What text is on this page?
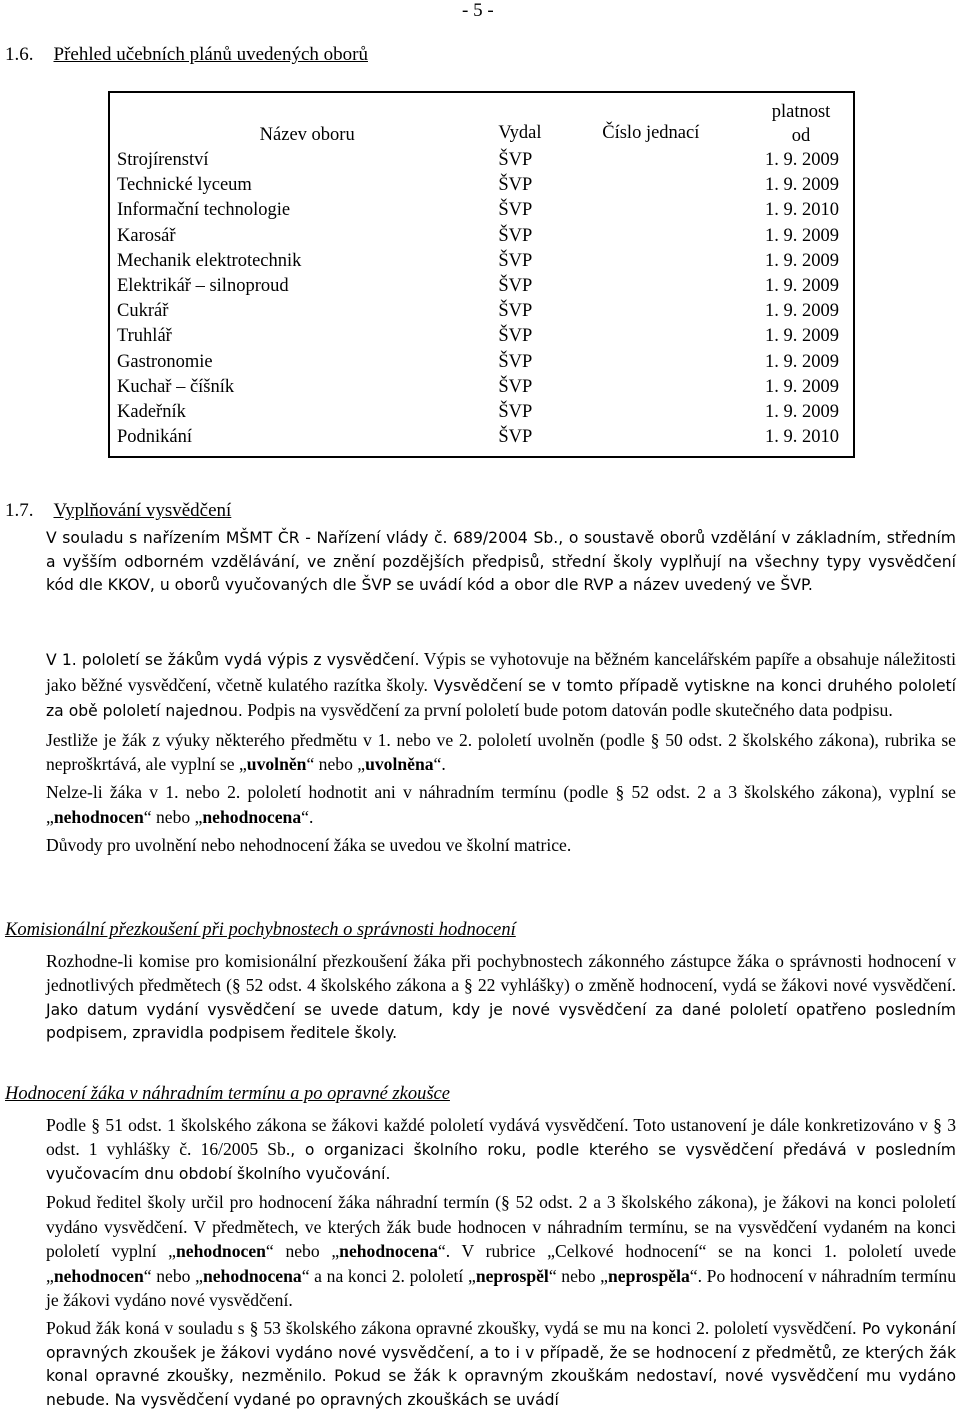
- 5 -
1.6. Přehled učebních plánů uvedených oborů
Název oboru	Vydal	Číslo jednací	platnost
od

Strojírenství	ŠVP		1. 9. 2009
Technické lyceum	ŠVP		1. 9. 2009
Informační technologie	ŠVP		1. 9. 2010
Karosář	ŠVP		1. 9. 2009
Mechanik elektrotechnik	ŠVP		1. 9. 2009
Elektrikář – silnoproud	ŠVP		1. 9. 2009
Cukrář	ŠVP		1. 9. 2009
Truhlář	ŠVP		1. 9. 2009
Gastronomie	ŠVP		1. 9. 2009
Kuchař – číšník	ŠVP		1. 9. 2009
Kadeřník	ŠVP		1. 9. 2009
Podnikání	ŠVP		1. 9. 2010
1.7. Vyplňování vysvědčení
V souladu s nařízením MŠMT ČR - Nařízení vlády č. 689/2004 Sb., o soustavě oborů vzdělání v základním, středním a vyšším odborném vzdělávání, ve znění pozdějších předpisů, střední školy vyplňují na všechny typy vysvědčení kód dle KKOV, u oborů vyučovaných dle ŠVP se uvádí kód a obor dle RVP a název uvedený ve ŠVP.

V 1. pololetí se žákům vydá výpis z vysvědčení. Výpis se vyhotovuje na běžném kancelářském papíře a obsahuje náležitosti jako běžné vysvědčení, včetně kulatého razítka školy. Vysvědčení se v tomto případě vytiskne na konci druhého pololetí za obě pololetí najednou. Podpis na vysvědčení za první pololetí bude potom datován podle skutečného data podpisu.

Jestliže je žák z výuky některého předmětu v 1. nebo ve 2. pololetí uvolněn (podle § 50 odst. 2 školského zákona), rubrika se neproškrtává, ale vyplní se „uvolněn“ nebo „uvolněna“.

Nelze-li žáka v 1. nebo 2. pololetí hodnotit ani v náhradním termínu (podle § 52 odst. 2 a 3 školského zákona), vyplní se „nehodnocen“ nebo „nehodnocena“.

Důvody pro uvolnění nebo nehodnocení žáka se uvedou ve školní matrice.

Komisionální přezkoušení při pochybnostech o správnosti hodnocení
Rozhodne-li komise pro komisionální přezkoušení žáka při pochybnostech zákonného zástupce žáka o správnosti hodnocení v jednotlivých předmětech (§ 52 odst. 4 školského zákona a § 22 vyhlášky) o změně hodnocení, vydá se žákovi nové vysvědčení. Jako datum vydání vysvědčení se uvede datum, kdy je nové vysvědčení za dané pololetí opatřeno posledním podpisem, zpravidla podpisem ředitele školy.
Hodnocení žáka v náhradním termínu a po opravné zkoušce

Podle § 51 odst. 1 školského zákona se žákovi každé pololetí vydává vysvědčení. Toto ustanovení je dále konkretizováno v § 3 odst. 1 vyhlášky č. 16/2005 Sb., o organizaci školního roku, podle kterého se vysvědčení předává v posledním vyučovacím dnu období školního vyučování.

Pokud ředitel školy určil pro hodnocení žáka náhradní termín (§ 52 odst. 2 a 3 školského zákona), je žákovi na konci pololetí vydáno vysvědčení. V předmětech, ve kterých žák bude hodnocen v náhradním termínu, se na vysvědčení vydaném na konci pololetí vyplní „nehodnocen“ nebo „nehodnocena“. V rubrice „Celkové hodnocení“ se na konci 1. pololetí uvede „nehodnocen“ nebo „nehodnocena“ a na konci 2. pololetí „neprospěl“ nebo „neprospěla“. Po hodnocení v náhradním termínu je žákovi vydáno nové vysvědčení.

Pokud žák koná v souladu s § 53 školského zákona opravné zkoušky, vydá se mu na konci 2. pololetí vysvědčení. Po vykonání opravných zkoušek je žákovi vydáno nové vysvědčení, a to i v případě, že se hodnocení z předmětů, ze kterých žák konal opravné zkoušky, nezměnilo. Pokud se žák k opravným zkouškám nedostaví, nové vysvědčení mu vydáno nebude. Na vysvědčení vydané po opravných zkouškách se uvádí
